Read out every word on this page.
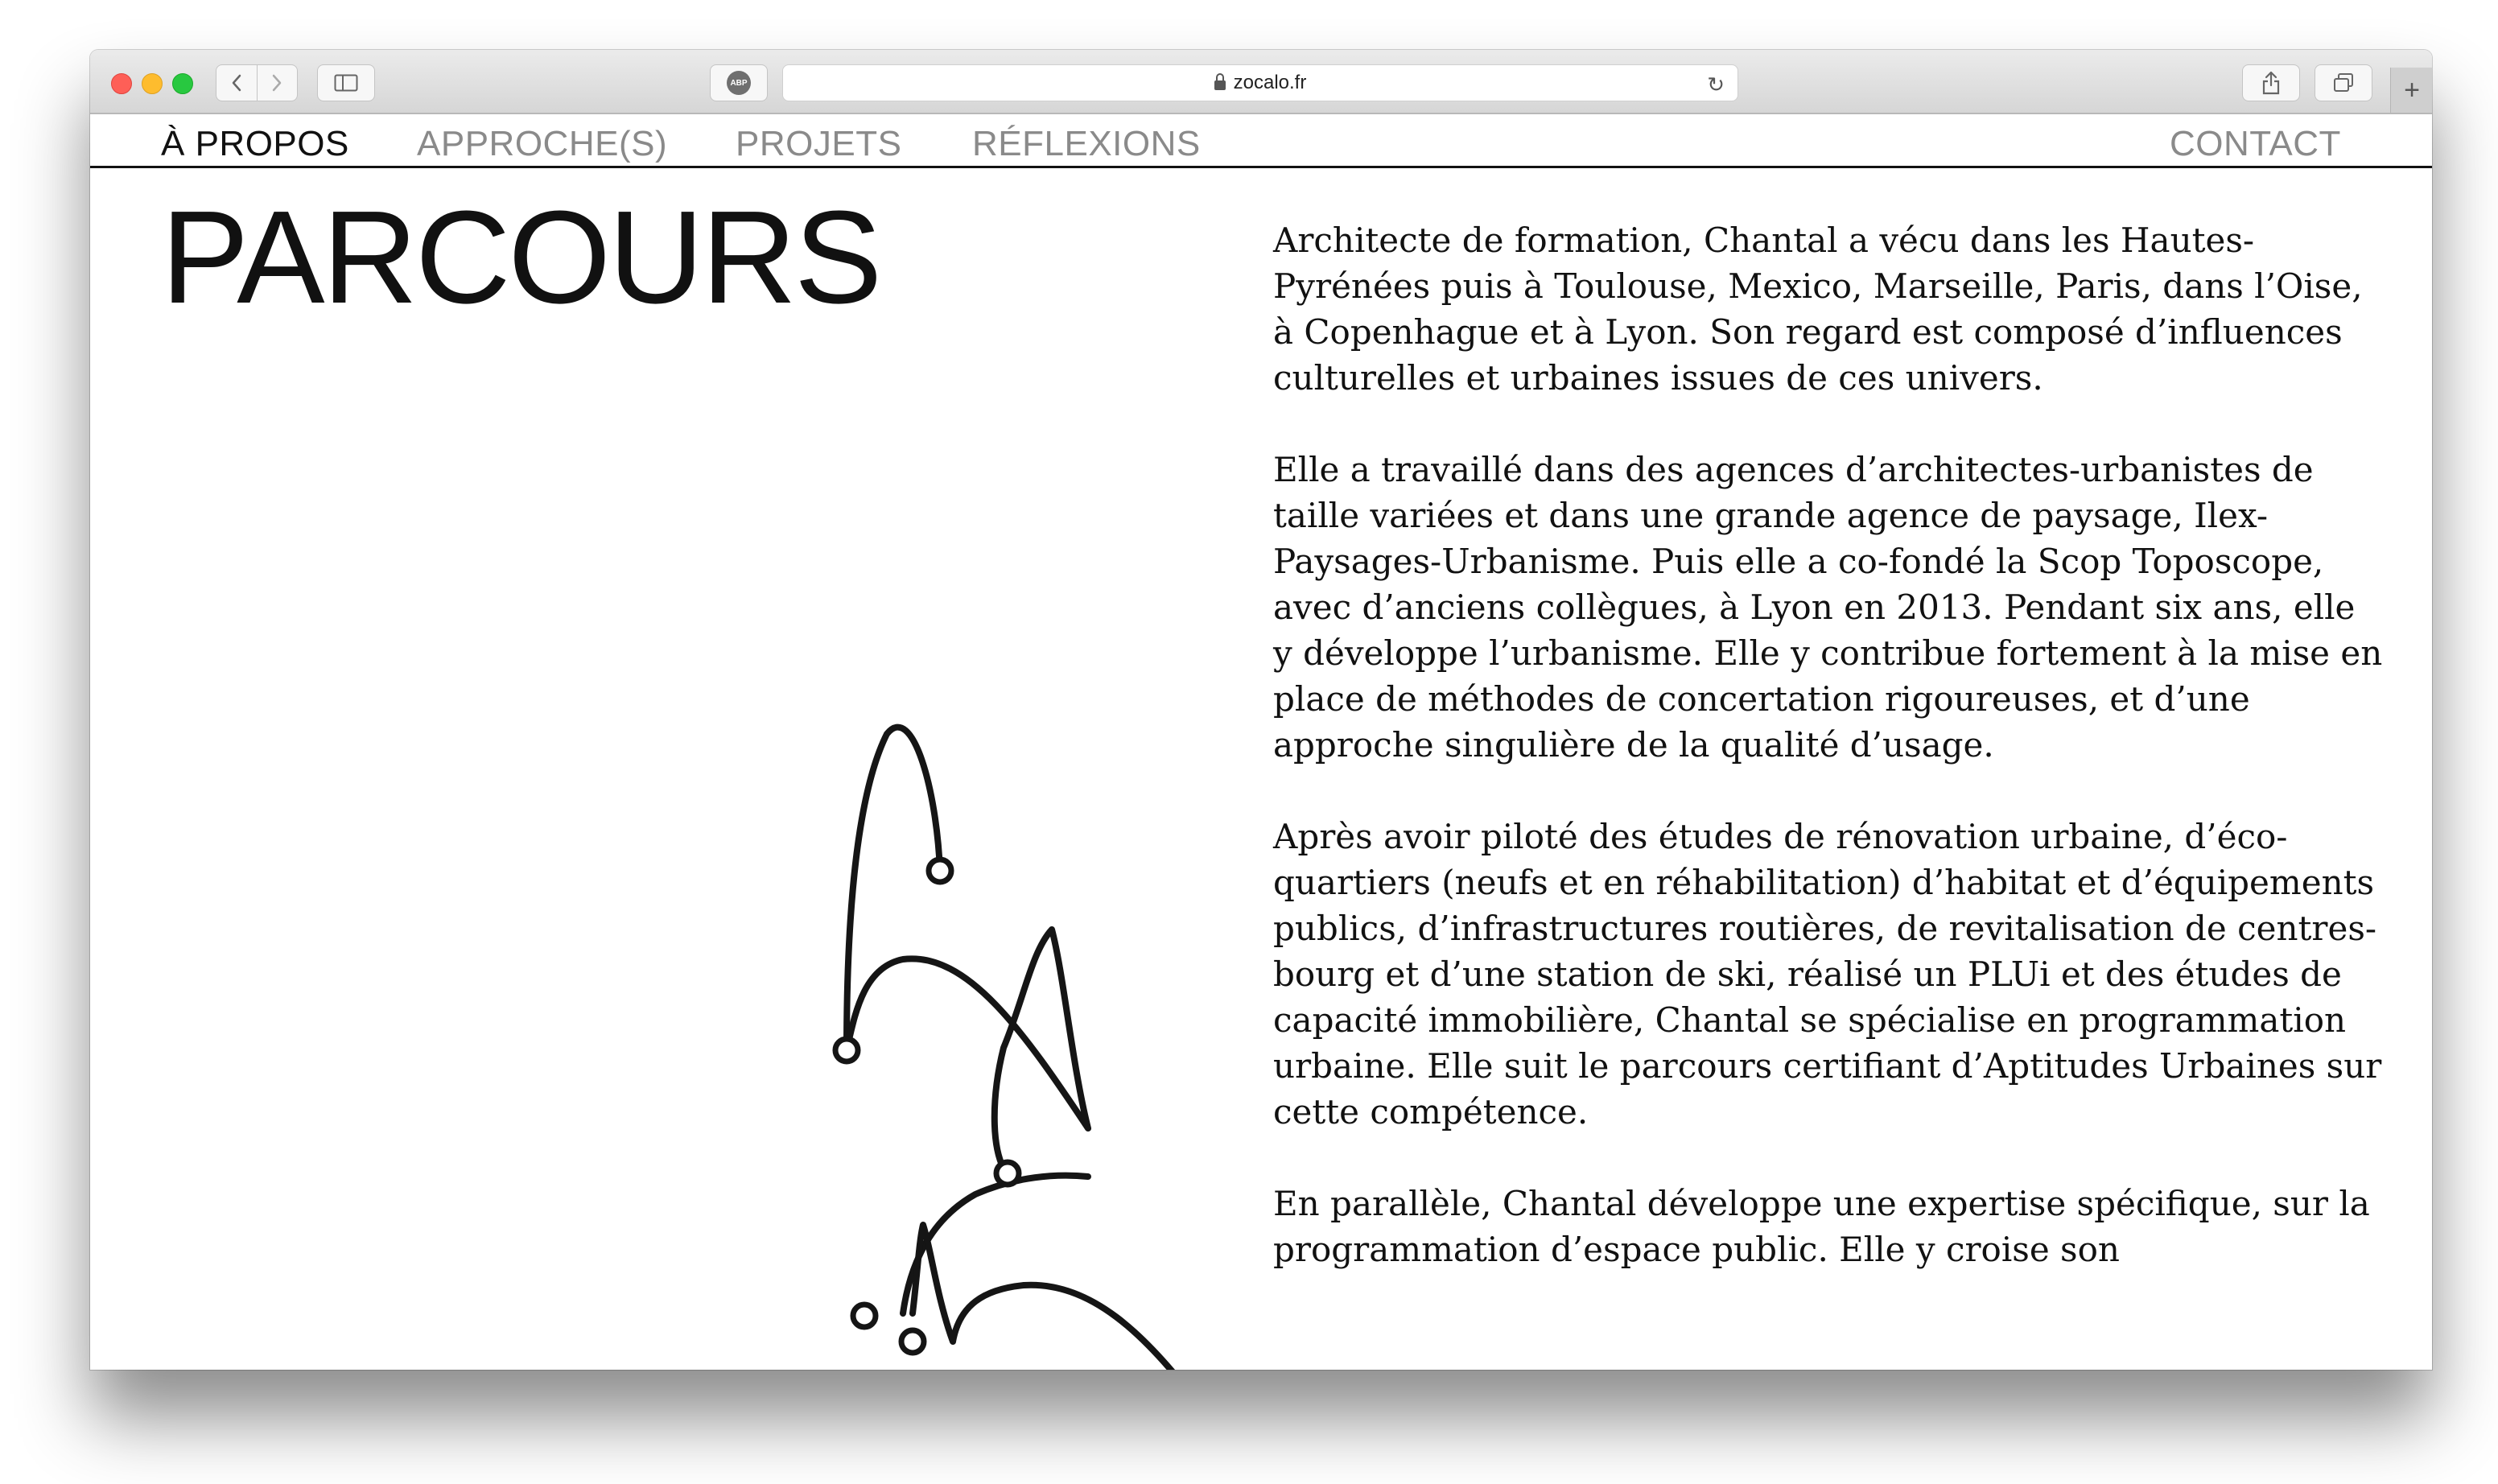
ABP	zocalo.fr	↻	+
À PROPOS APPROCHE(S) PROJETS RÉFLEXIONS	CONTACT
PARCOURS	Architecte de formation, Chantal a vécu dans les Hautes-Pyrénées puis à Toulouse, Mexico, Marseille, Paris, dans l’Oise, à Copenhague et à Lyon. Son regard est composé d’influences culturelles et urbaines issues de ces univers.

Elle a travaillé dans des agences d’architectes-urbanistes de taille variées et dans une grande agence de paysage, Ilex-Paysages-Urbanisme. Puis elle a co-fondé la Scop Toposcope, avec d’anciens collègues, à Lyon en 2013. Pendant six ans, elle y développe l’urbanisme. Elle y contribue fortement à la mise en place de méthodes de concertation rigoureuses, et d’une approche singulière de la qualité d’usage.

Après avoir piloté des études de rénovation urbaine, d’éco-quartiers (neufs et en réhabilitation) d’habitat et d’équipements publics, d’infrastructures routières, de revitalisation de centres-bourg et d’une station de ski, réalisé un PLUi et des études de capacité immobilière, Chantal se spécialise en programmation urbaine. Elle suit le parcours certifiant d’Aptitudes Urbaines sur cette compétence.

En parallèle, Chantal développe une expertise spécifique, sur la programmation d’espace public. Elle y croise son
